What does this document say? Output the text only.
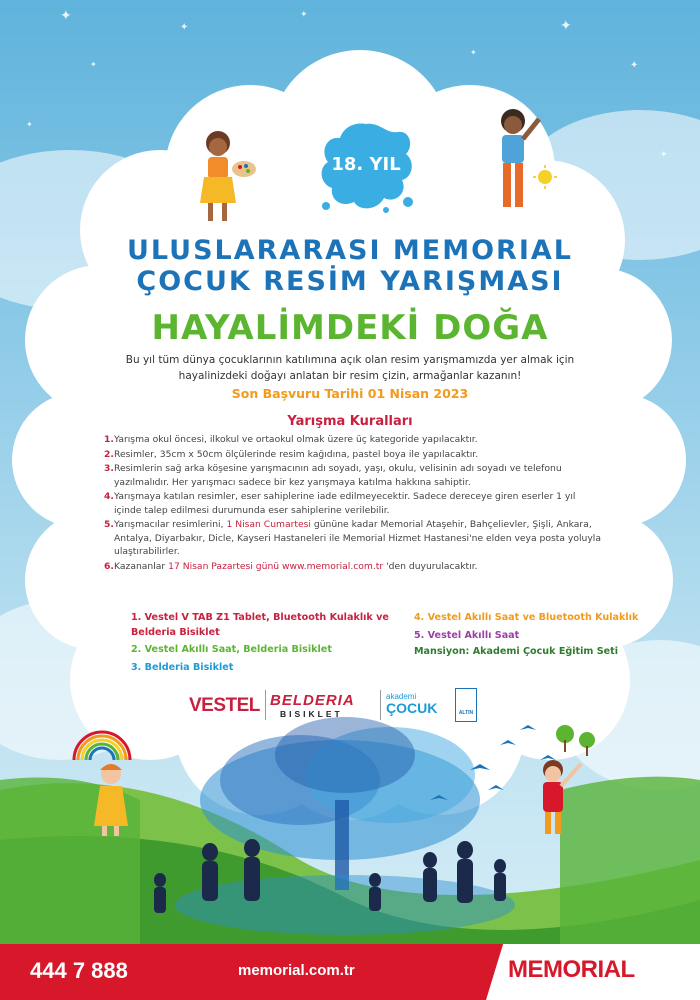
✦
✦
✦
✦
✦
✦
✦
✦
18. YIL
ULUSLARARASI MEMORIAL
ÇOCUK RESİM YARIŞMASI
HAYALİMDEKİ DOĞA
Bu yıl tüm dünya çocuklarının katılımına açık olan resim yarışmamızda yer almak için
hayalinizdeki doğayı anlatan bir resim çizin, armağanlar kazanın!
Son Başvuru Tarihi 01 Nisan 2023
Yarışma Kuralları
1. Yarışma okul öncesi, ilkokul ve ortaokul olmak üzere üç kategoride yapılacaktır.
2. Resimler, 35cm x 50cm ölçülerinde resim kağıdına, pastel boya ile yapılacaktır.
3. Resimlerin sağ arka köşesine yarışmacının adı soyadı, yaşı, okulu, velisinin adı soyadı ve telefonu yazılmalıdır. Her yarışmacı sadece bir kez yarışmaya katılma hakkına sahiptir.
4. Yarışmaya katılan resimler, eser sahiplerine iade edilmeyecektir. Sadece dereceye giren eserler 1 yıl içinde talep edilmesi durumunda eser sahiplerine verilebilir.
5. Yarışmacılar resimlerini, 1 Nisan Cumartesi gününe kadar Memorial Ataşehir, Bahçelievler, Şişli, Ankara, Antalya, Diyarbakır, Dicle, Kayseri Hastaneleri ile Memorial Hizmet Hastanesi'ne elden veya posta yoluyla ulaştırabilirler.
6. Kazananlar 17 Nisan Pazartesi günü www.memorial.com.tr 'den duyurulacaktır.
1. Vestel V TAB Z1 Tablet, Bluetooth Kulaklık ve Belderia Bisiklet
2. Vestel Akıllı Saat, Belderia Bisiklet
3. Belderia Bisiklet
4. Vestel Akıllı Saat ve Bluetooth Kulaklık
5. Vestel Akıllı Saat
Mansiyon: Akademi Çocuk Eğitim Seti
VESTEL BELDERIA
BISIKLET
akademi
ÇOCUK	ALTIN
444 7 888	memorial.com.tr	MEMORIAL
